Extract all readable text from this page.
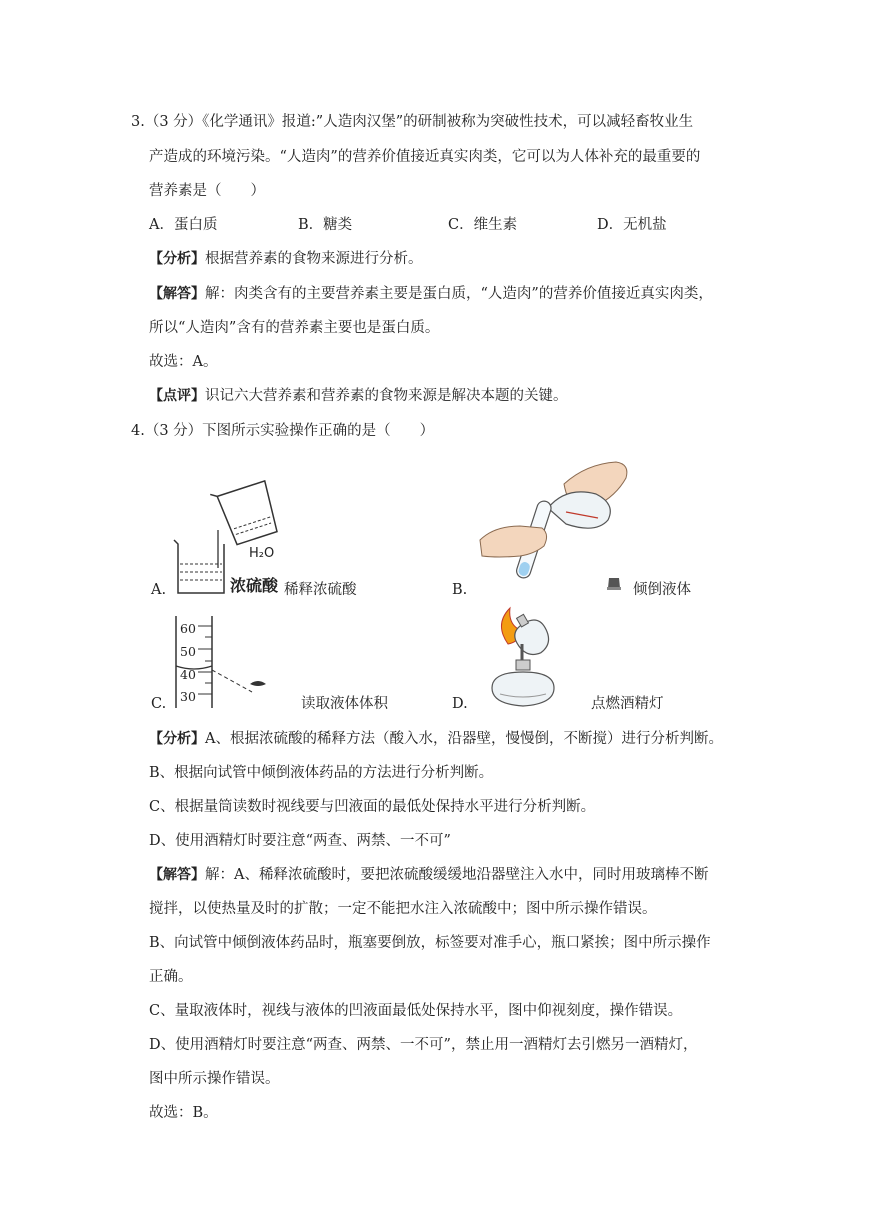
3.（3 分）《化学通讯》报道:”人造肉汉堡”的研制被称为突破性技术，可以减轻畜牧业生
产造成的环境污染。“人造肉”的营养价值接近真实肉类，它可以为人体补充的最重要的
营养素是（　　）
A．蛋白质	B．糖类	C．维生素	D．无机盐
【分析】根据营养素的食物来源进行分析。
【解答】解：肉类含有的主要营养素主要是蛋白质，“人造肉”的营养价值接近真实肉类，
所以“人造肉”含有的营养素主要也是蛋白质。
故选：A。
【点评】识记六大营养素和营养素的食物来源是解决本题的关键。
4.（3 分）下图所示实验操作正确的是（　　）
A.
H₂O
浓硫酸 稀释浓硫酸	B.	倾倒液体
C.
60
50
40
30	读取液体体积	D.	点燃酒精灯
【分析】A、根据浓硫酸的稀释方法（酸入水，沿器壁，慢慢倒，不断搅）进行分析判断。
B、根据向试管中倾倒液体药品的方法进行分析判断。
C、根据量筒读数时视线要与凹液面的最低处保持水平进行分析判断。
D、使用酒精灯时要注意“两查、两禁、一不可”
【解答】解：A、稀释浓硫酸时，要把浓硫酸缓缓地沿器壁注入水中，同时用玻璃棒不断
搅拌，以使热量及时的扩散；一定不能把水注入浓硫酸中；图中所示操作错误。
B、向试管中倾倒液体药品时，瓶塞要倒放，标签要对准手心，瓶口紧挨；图中所示操作
正确。
C、量取液体时，视线与液体的凹液面最低处保持水平，图中仰视刻度，操作错误。
D、使用酒精灯时要注意“两查、两禁、一不可”，禁止用一酒精灯去引燃另一酒精灯，
图中所示操作错误。
故选：B。
